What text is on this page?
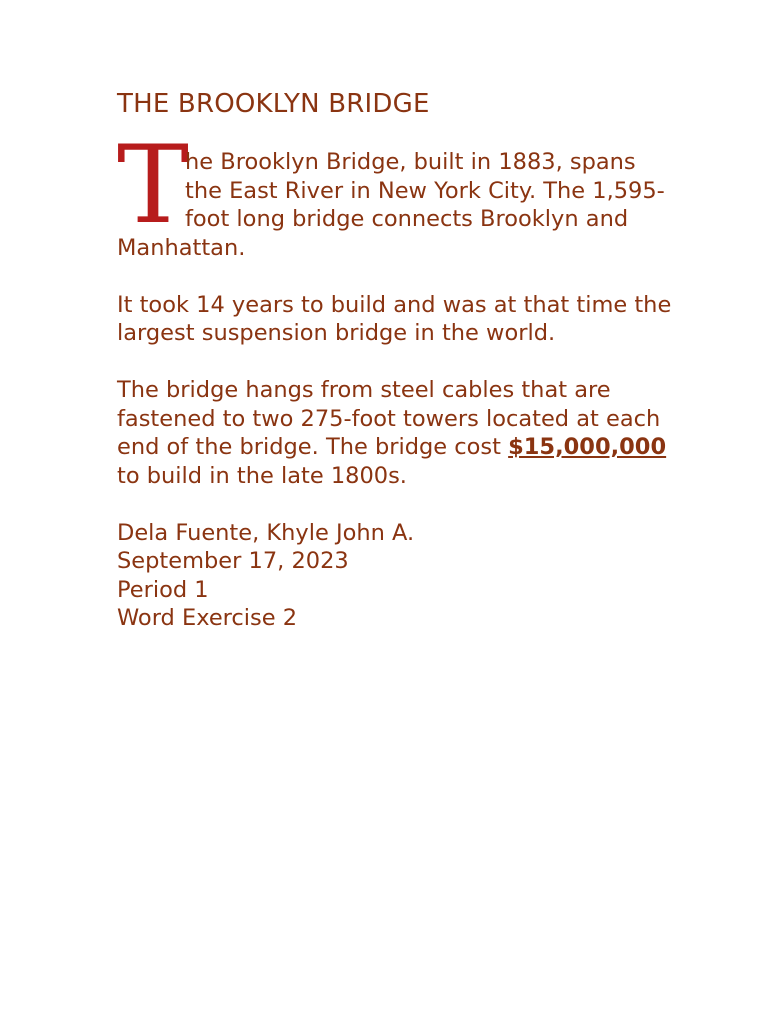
THE BROOKLYN BRIDGE

T
he Brooklyn Bridge, built in 1883, spans the East River in New York City. The 1,595-foot long bridge connects Brooklyn and Manhattan.

It took 14 years to build and was at that time the largest suspension bridge in the world.

The bridge hangs from steel cables that are fastened to two 275-foot towers located at each end of the bridge. The bridge cost $15,000,000 to build in the late 1800s.

Dela Fuente, Khyle John A.
September 17, 2023
Period 1
Word Exercise 2
